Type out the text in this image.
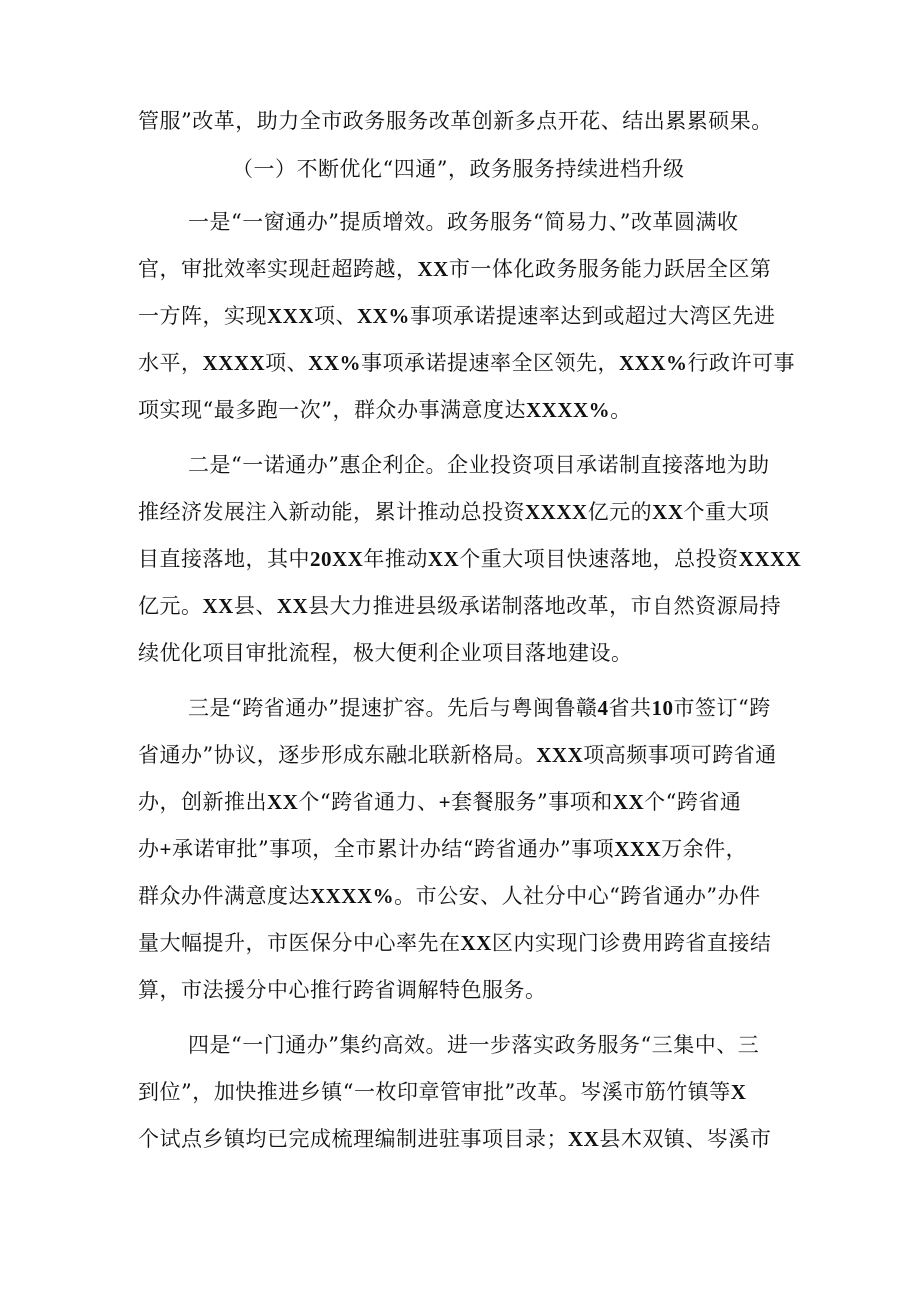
管服”改革，助力全市政务服务改革创新多点开花、结出累累硕果。
（一）不断优化“四通”，政务服务持续进档升级
一是“一窗通办”提质增效。政务服务“简易力、”改革圆满收
官，审批效率实现赶超跨越，XX市一体化政务服务能力跃居全区第
一方阵，实现XXX项、XX%事项承诺提速率达到或超过大湾区先进
水平，XXXX项、XX%事项承诺提速率全区领先，XXX%行政许可事
项实现“最多跑一次”，群众办事满意度达XXXX%。
二是“一诺通办”惠企利企。企业投资项目承诺制直接落地为助
推经济发展注入新动能，累计推动总投资XXXX亿元的XX个重大项
目直接落地，其中20XX年推动XX个重大项目快速落地，总投资XXXX
亿元。XX县、XX县大力推进县级承诺制落地改革，市自然资源局持
续优化项目审批流程，极大便利企业项目落地建设。
三是“跨省通办”提速扩容。先后与粤闽鲁赣4省共10市签订“跨
省通办”协议，逐步形成东融北联新格局。XXX项高频事项可跨省通
办，创新推出XX个“跨省通力、+套餐服务”事项和XX个“跨省通
办+承诺审批”事项，全市累计办结“跨省通办”事项XXX万余件，
群众办件满意度达XXXX%。市公安、人社分中心“跨省通办”办件
量大幅提升，市医保分中心率先在XX区内实现门诊费用跨省直接结
算，市法援分中心推行跨省调解特色服务。
四是“一门通办”集约高效。进一步落实政务服务“三集中、三
到位”，加快推进乡镇“一枚印章管审批”改革。岑溪市筋竹镇等X
个试点乡镇均已完成梳理编制进驻事项目录；XX县木双镇、岑溪市
